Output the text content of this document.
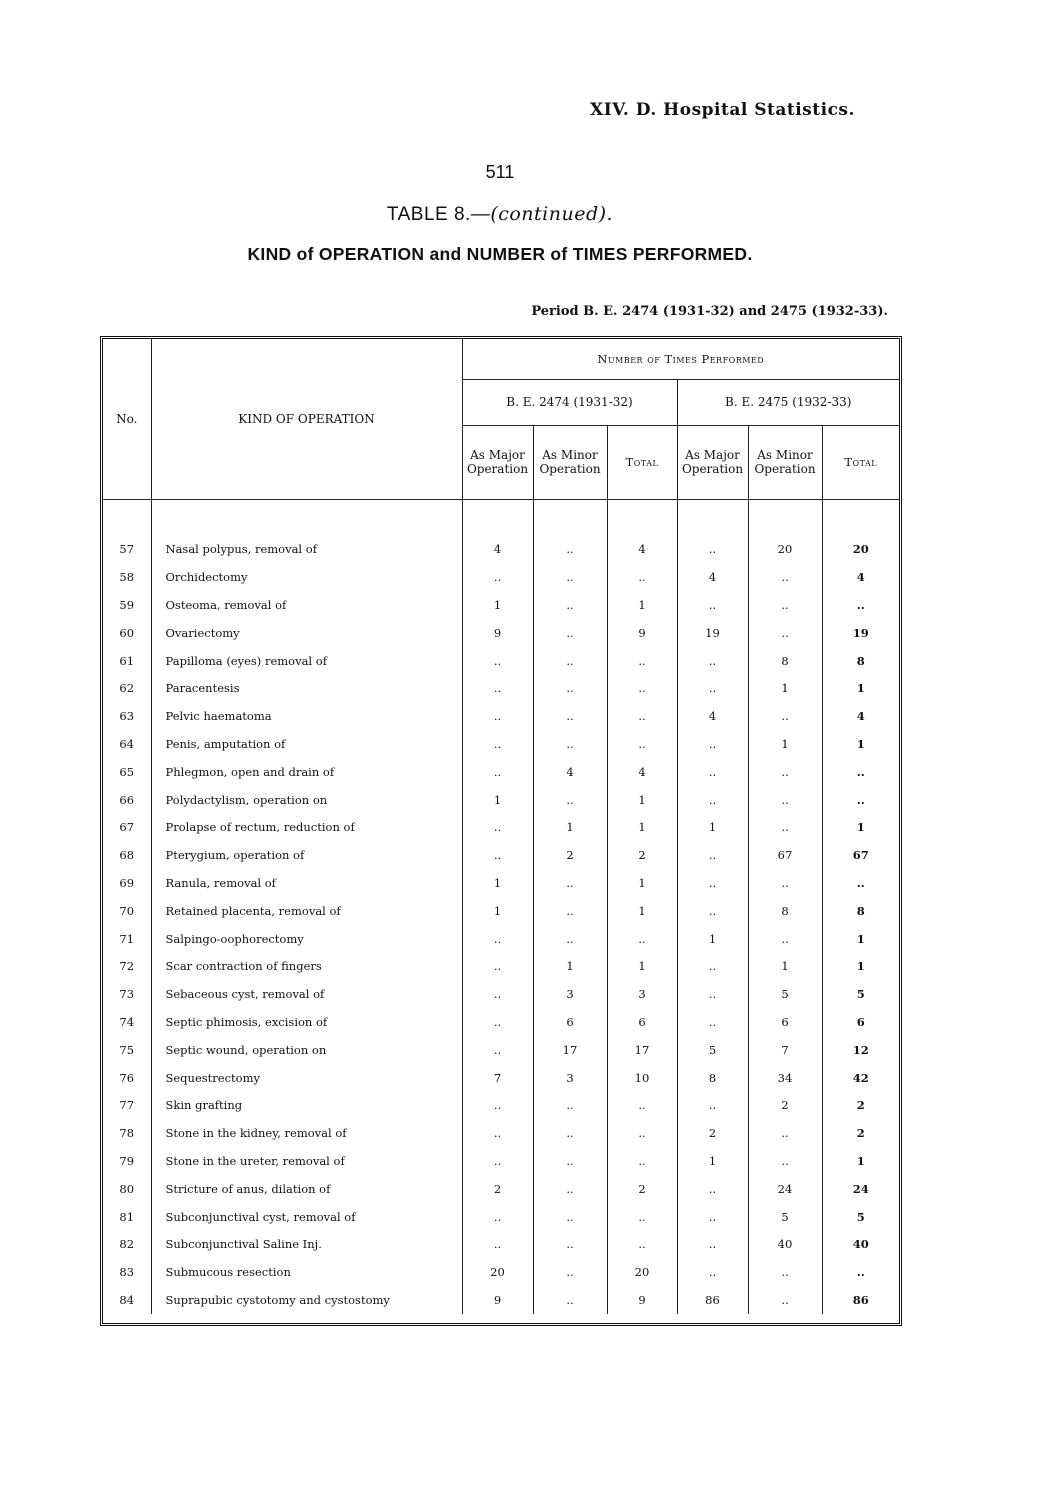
XIV. D. Hospital Statistics.
511
TABLE 8.—(continued).
KIND of OPERATION and NUMBER of TIMES PERFORMED.
Period B. E. 2474 (1931-32) and 2475 (1932-33).
No.	KIND OF OPERATION	Number of Times Performed					
		B. E. 2474 (1931-32)			B. E. 2475 (1932-33)		
		As Major Operation	As Minor Operation	Total	As Major Operation	As Minor Operation	Total

57	Nasal polypus, removal of	4	..	4	..	20	20
58	Orchidectomy	..	..	..	4	..	4
59	Osteoma, removal of	1	..	1	..	..	..
60	Ovariectomy	9	..	9	19	..	19
61	Papilloma (eyes) removal of	..	..	..	..	8	8
62	Paracentesis	..	..	..	..	1	1
63	Pelvic haematoma	..	..	..	4	..	4
64	Penis, amputation of	..	..	..	..	1	1
65	Phlegmon, open and drain of	..	4	4	..	..	..
66	Polydactylism, operation on	1	..	1	..	..	..
67	Prolapse of rectum, reduction of	..	1	1	1	..	1
68	Pterygium, operation of	..	2	2	..	67	67
69	Ranula, removal of	1	..	1	..	..	..
70	Retained placenta, removal of	1	..	1	..	8	8
71	Salpingo-oophorectomy	..	..	..	1	..	1
72	Scar contraction of fingers	..	1	1	..	1	1
73	Sebaceous cyst, removal of	..	3	3	..	5	5
74	Septic phimosis, excision of	..	6	6	..	6	6
75	Septic wound, operation on	..	17	17	5	7	12
76	Sequestrectomy	7	3	10	8	34	42
77	Skin grafting	..	..	..	..	2	2
78	Stone in the kidney, removal of	..	..	..	2	..	2
79	Stone in the ureter, removal of	..	..	..	1	..	1
80	Stricture of anus, dilation of	2	..	2	..	24	24
81	Subconjunctival cyst, removal of	..	..	..	..	5	5
82	Subconjunctival Saline Inj.	..	..	..	..	40	40
83	Submucous resection	20	..	20	..	..	..
84	Suprapubic cystotomy and cystostomy	9	..	9	86	..	86
